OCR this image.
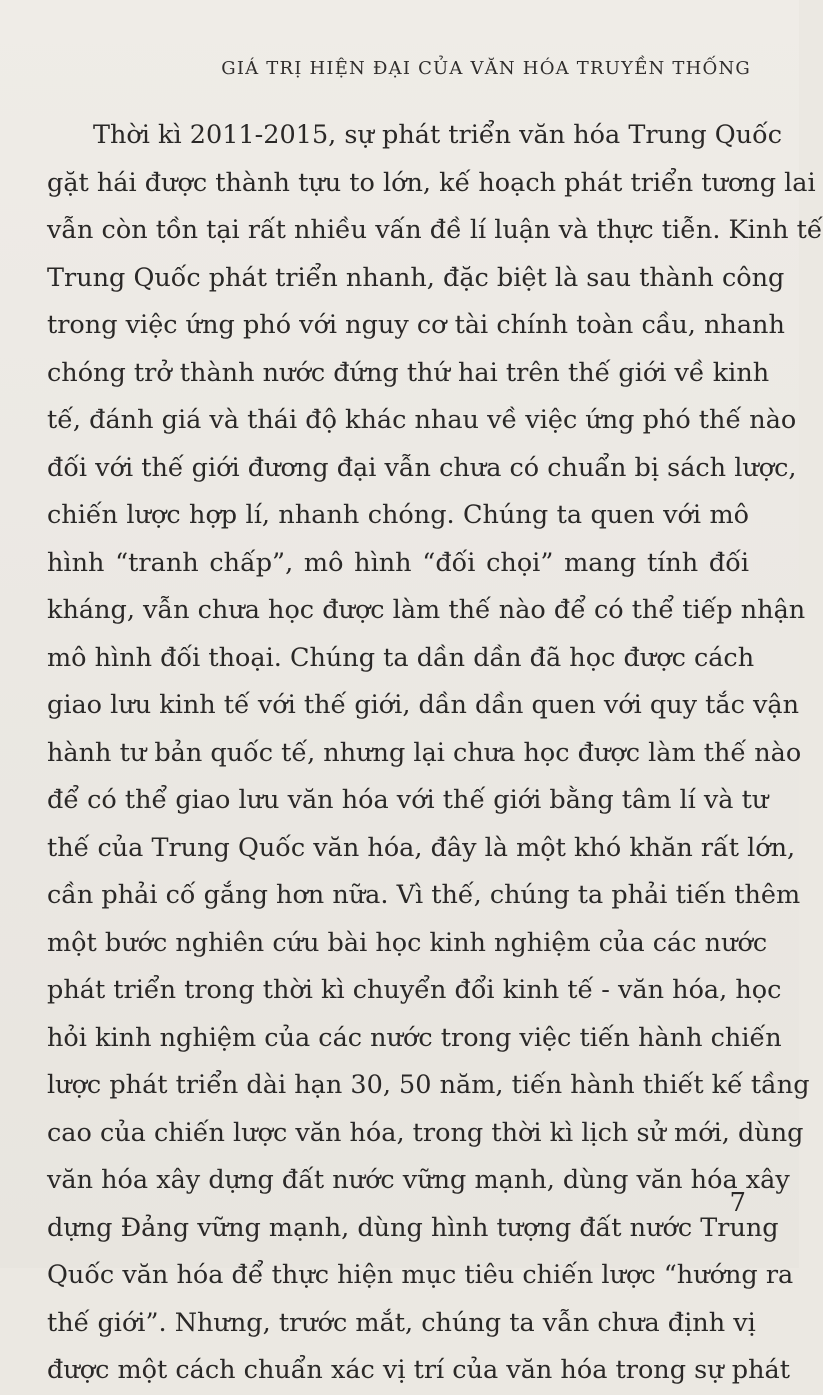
GIÁ TRỊ HIỆN ĐẠI CỦA VĂN HÓA TRUYỀN THỐNG
Thời kì 2011-2015, sự phát triển văn hóa Trung Quốc
gặt hái được thành tựu to lớn, kế hoạch phát triển tương lai
vẫn còn tồn tại rất nhiều vấn đề lí luận và thực tiễn. Kinh tế
Trung Quốc phát triển nhanh, đặc biệt là sau thành công
trong việc ứng phó với nguy cơ tài chính toàn cầu, nhanh
chóng trở thành nước đứng thứ hai trên thế giới về kinh
tế, đánh giá và thái độ khác nhau về việc ứng phó thế nào
đối với thế giới đương đại vẫn chưa có chuẩn bị sách lược,
chiến lược hợp lí, nhanh chóng. Chúng ta quen với mô
hình “tranh chấp”, mô hình “đối chọi” mang tính đối
kháng, vẫn chưa học được làm thế nào để có thể tiếp nhận
mô hình đối thoại. Chúng ta dần dần đã học được cách
giao lưu kinh tế với thế giới, dần dần quen với quy tắc vận
hành tư bản quốc tế, nhưng lại chưa học được làm thế nào
để có thể giao lưu văn hóa với thế giới bằng tâm lí và tư
thế của Trung Quốc văn hóa, đây là một khó khăn rất lớn,
cần phải cố gắng hơn nữa. Vì thế, chúng ta phải tiến thêm
một bước nghiên cứu bài học kinh nghiệm của các nước
phát triển trong thời kì chuyển đổi kinh tế - văn hóa, học
hỏi kinh nghiệm của các nước trong việc tiến hành chiến
lược phát triển dài hạn 30, 50 năm, tiến hành thiết kế tầng
cao của chiến lược văn hóa, trong thời kì lịch sử mới, dùng
văn hóa xây dựng đất nước vững mạnh, dùng văn hóa xây
dựng Đảng vững mạnh, dùng hình tượng đất nước Trung
Quốc văn hóa để thực hiện mục tiêu chiến lược “hướng ra
thế giới”. Nhưng, trước mắt, chúng ta vẫn chưa định vị
được một cách chuẩn xác vị trí của văn hóa trong sự phát
7
